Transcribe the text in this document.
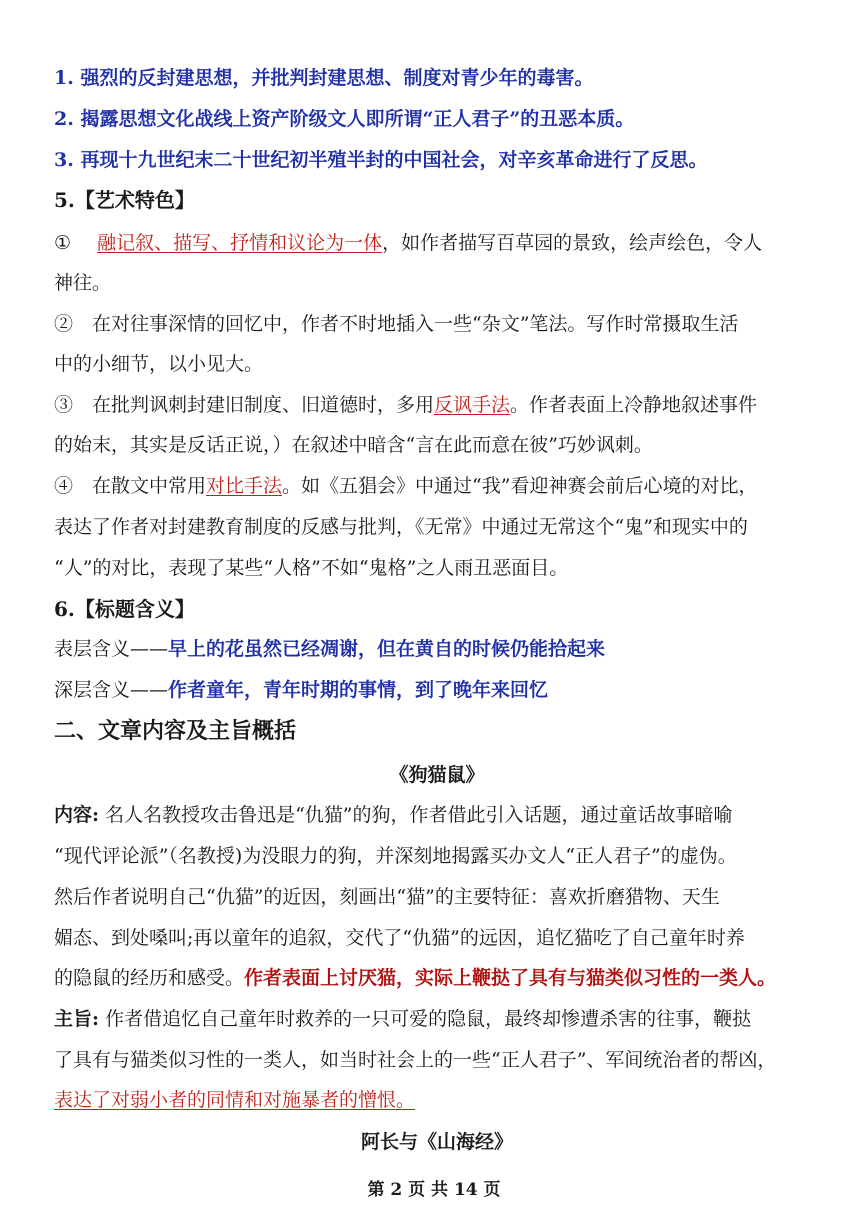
1. 强烈的反封建思想，并批判封建思想、制度对青少年的毒害。
2. 揭露思想文化战线上资产阶级文人即所谓“正人君子”的丑恶本质。
3. 再现十九世纪末二十世纪初半殖半封的中国社会，对辛亥革命进行了反思。
5.【艺术特色】
① 融记叙、描写、抒情和议论为一体，如作者描写百草园的景致，绘声绘色，令人
神往。
②　在对往事深情的回忆中，作者不时地插入一些“杂文”笔法。写作时常摄取生活
中的小细节，以小见大。
③　在批判讽刺封建旧制度、旧道德时，多用反讽手法。作者表面上冷静地叙述事件
的始末，其实是反话正说，）在叙述中暗含“言在此而意在彼”巧妙讽刺。
④　在散文中常用对比手法。如《五猖会》中通过“我”看迎神赛会前后心境的对比，
表达了作者对封建教育制度的反感与批判，《无常》中通过无常这个“鬼”和现实中的
“人”的对比，表现了某些“人格”不如“鬼格”之人雨丑恶面目。
6.【标题含义】
表层含义——早上的花虽然已经凋谢，但在黄自的时候仍能拾起来
深层含义——作者童年，青年时期的事情，到了晚年来回忆
二、文章内容及主旨概括
《狗猫鼠》
内容: 名人名教授攻击鲁迅是“仇猫”的狗，作者借此引入话题，通过童话故事暗喻
“现代评论派”（名教授)为没眼力的狗，并深刻地揭露买办文人“正人君子”的虚伪。
然后作者说明自己“仇猫”的近因，刻画出“猫”的主要特征：喜欢折磨猎物、天生
媚态、到处嗓叫;再以童年的追叙，交代了“仇猫”的远因，追忆猫吃了自己童年时养
的隐鼠的经历和感受。作者表面上讨厌猫，实际上鞭挞了具有与猫类似习性的一类人。
主旨: 作者借追忆自己童年时救养的一只可爱的隐鼠，最终却惨遭杀害的往事，鞭挞
了具有与猫类似习性的一类人，如当时社会上的一些“正人君子”、军间统治者的帮凶，
表达了对弱小者的同情和对施暴者的憎恨。
阿长与《山海经》
第 2 页 共 14 页
